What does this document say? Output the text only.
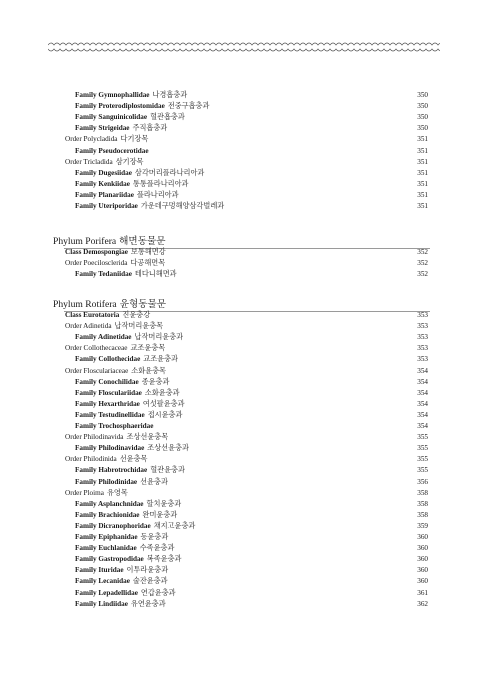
Family Gymnophallidae 나경흡충과	350
Family Proterodiplostomidae 전중구흡충과	350
Family Sanguinicolidae 혈관흡충과	350
Family Strigeidae 주직흡충과	350
Order Polycladida 다기장목	351
Family Pseudocerotidae	351
Order Tricladida 삼기장목	351
Family Dugesiidae 삼각머리플라나리아과	351
Family Kenkiidae 통통플라나리아과	351
Family Planariidae 플라나리아과	351
Family Uteriporidae 가운데구멍해양삼각벌레과	351
Phylum Porifera 해면동물문
Class Demospongiae 보통해면강	352
Order Poecilosclerida 다공해면목	352
Family Tedaniidae 테다니해면과	352
Phylum Rotifera 윤형동물문
Class Eurotatoria 진윤충강	353
Order Adinetida 납작머리윤충목	353
Family Adinetidae 납작머리윤충과	353
Order Collothecaceae 교조윤충목	353
Family Collothecidae 교조윤충과	353
Order Flosculariaceae 소화윤충목	354
Family Conochilidae 종윤충과	354
Family Flosculariidae 소화윤충과	354
Family Hexarthridae 여섯팔윤충과	354
Family Testudinellidae 접시윤충과	354
Family Trochosphaeridae	354
Order Philodinavida 조상선윤충목	355
Family Philodinavidae 조상선윤충과	355
Order Philodinida 선윤충목	355
Family Habrotrochidae 혈관윤충과	355
Family Philodinidae 선윤충과	356
Order Ploima 유영목	358
Family Asplanchnidae 할치윤충과	358
Family Brachionidae 완미윤충과	358
Family Dicranophoridae 채지고윤충과	359
Family Epiphanidae 동윤충과	360
Family Euchlanidae 수족윤충과	360
Family Gastropodidae 복족윤충과	360
Family Ituridae 이투라윤충과	360
Family Lecanidae 술잔윤충과	360
Family Lepadellidae 연갑윤충과	361
Family Lindiidae 유연윤충과	362
